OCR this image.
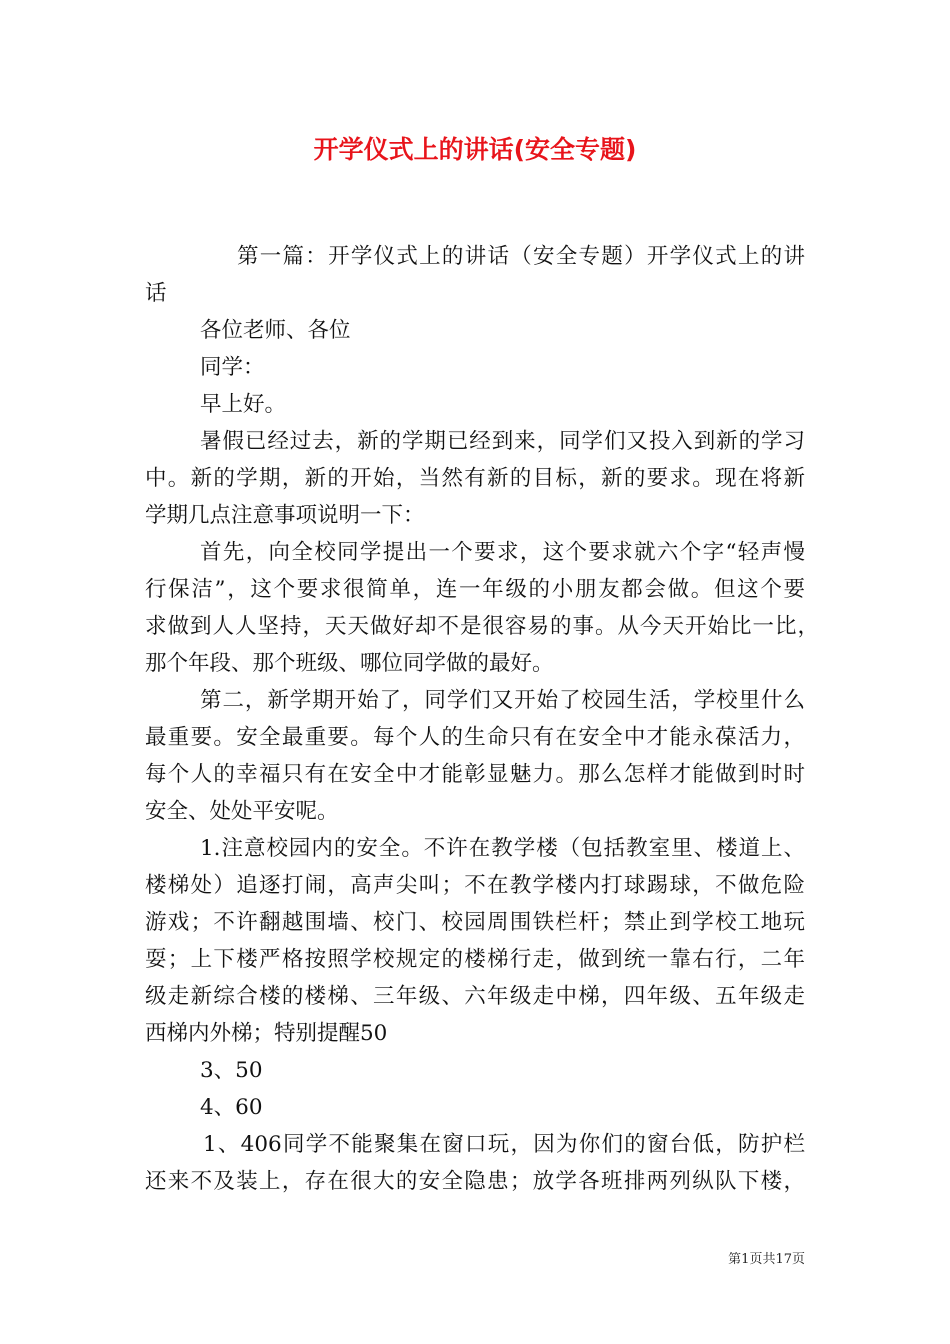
开学仪式上的讲话(安全专题)
第一篇：开学仪式上的讲话（安全专题）开学仪式上的讲
话
各位老师、各位
同学：
早上好。
暑假已经过去，新的学期已经到来，同学们又投入到新的学习
中。新的学期，新的开始，当然有新的目标，新的要求。现在将新
学期几点注意事项说明一下：
首先，向全校同学提出一个要求，这个要求就六个字“轻声慢
行保洁”，这个要求很简单，连一年级的小朋友都会做。但这个要
求做到人人坚持，天天做好却不是很容易的事。从今天开始比一比，
那个年段、那个班级、哪位同学做的最好。
第二，新学期开始了，同学们又开始了校园生活，学校里什么
最重要。安全最重要。每个人的生命只有在安全中才能永葆活力，
每个人的幸福只有在安全中才能彰显魅力。那么怎样才能做到时时
安全、处处平安呢。
1.注意校园内的安全。不许在教学楼（包括教室里、楼道上、
楼梯处）追逐打闹，高声尖叫；不在教学楼内打球踢球，不做危险
游戏；不许翻越围墙、校门、校园周围铁栏杆；禁止到学校工地玩
耍；上下楼严格按照学校规定的楼梯行走，做到统一靠右行，二年
级走新综合楼的楼梯、三年级、六年级走中梯，四年级、五年级走
西梯内外梯；特别提醒50
3、50
4、60
1、406同学不能聚集在窗口玩，因为你们的窗台低，防护栏
还来不及装上，存在很大的安全隐患；放学各班排两列纵队下楼，
第1页共17页
